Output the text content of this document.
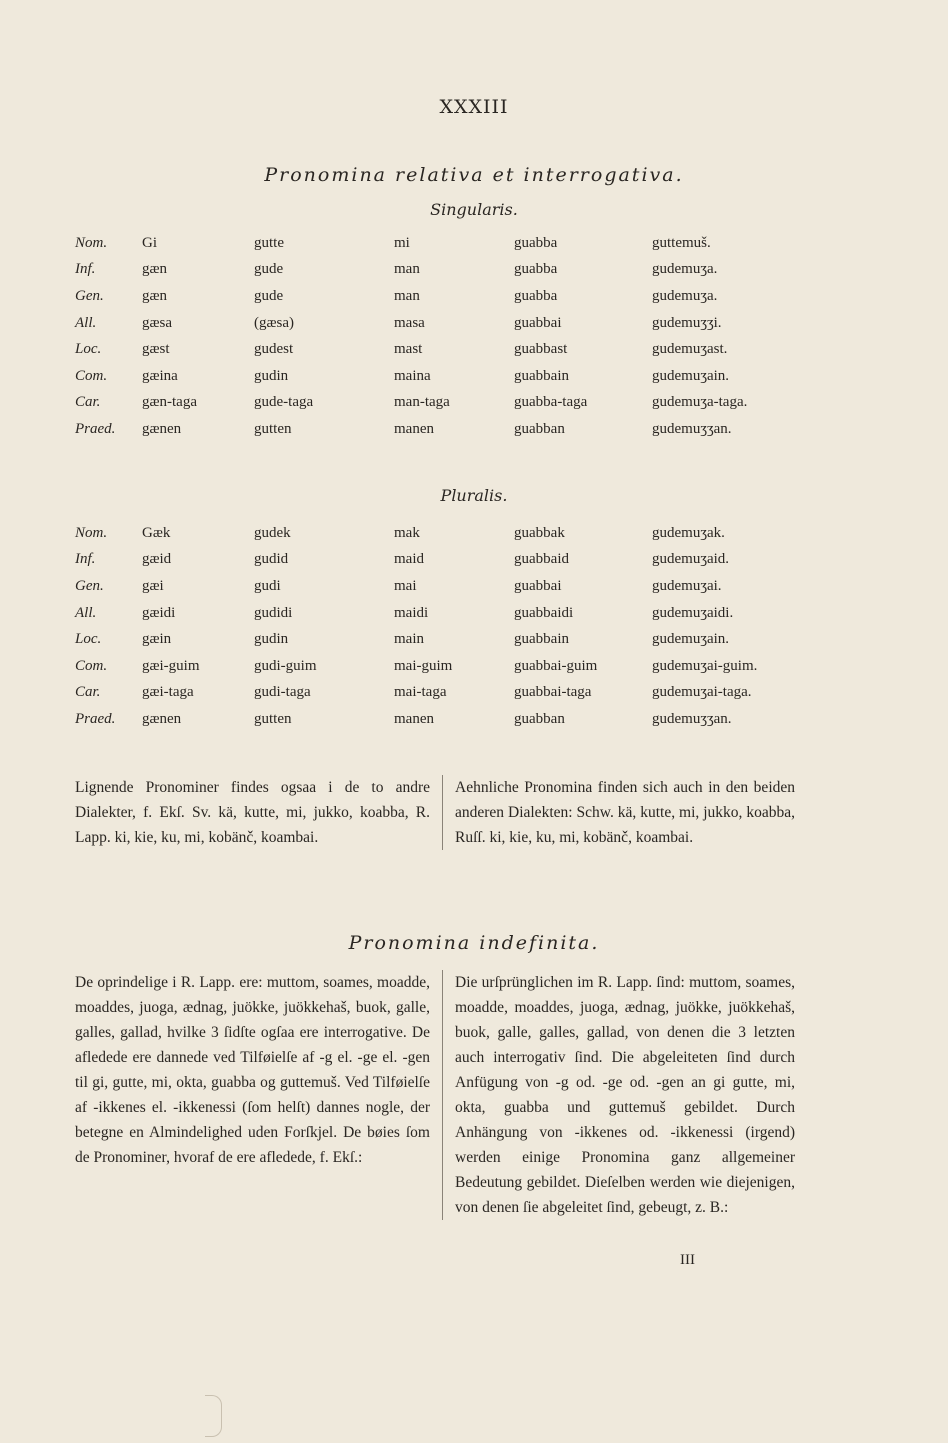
XXXIII
Pronomina relativa et interrogativa.
Singularis.
Nom.	Gi	gutte	mi	guabba	guttemuš.
Inf.	gæn	gude	man	guabba	gudemuʒa.
Gen.	gæn	gude	man	guabba	gudemuʒa.
All.	gæsa	(gæsa)	masa	guabbai	gudemuʒʒi.
Loc.	gæst	gudest	mast	guabbast	gudemuʒast.
Com.	gæina	gudin	maina	guabbain	gudemuʒain.
Car.	gæn-taga	gude-taga	man-taga	guabba-taga	gudemuʒa-taga.
Praed.	gænen	gutten	manen	guabban	gudemuʒʒan.
Pluralis.
Nom.	Gæk	gudek	mak	guabbak	gudemuʒak.
Inf.	gæid	gudid	maid	guabbaid	gudemuʒaid.
Gen.	gæi	gudi	mai	guabbai	gudemuʒai.
All.	gæidi	gudidi	maidi	guabbaidi	gudemuʒaidi.
Loc.	gæin	gudin	main	guabbain	gudemuʒain.
Com.	gæi-guim	gudi-guim	mai-guim	guabbai-guim	gudemuʒai-guim.
Car.	gæi-taga	gudi-taga	mai-taga	guabbai-taga	gudemuʒai-taga.
Praed.	gænen	gutten	manen	guabban	gudemuʒʒan.
Lignende Pronominer findes ogsaa i de to andre Dialekter, f. Ekſ. Sv. kä, kutte, mi, jukko, koabba, R. Lapp. ki, kie, ku, mi, kobänč, koambai.
Aehnliche Pronomina finden sich auch in den beiden anderen Dialekten: Schw. kä, kutte, mi, jukko, koabba, Ruſſ. ki, kie, ku, mi, kobänč, koambai.
Pronomina indefinita.
De oprindelige i R. Lapp. ere: muttom, soames, moadde, moaddes, juoga, ædnag, juökke, juökkehaš, buok, galle, galles, gallad, hvilke 3 ſidſte ogſaa ere interrogative. De afledede ere dannede ved Tilføielſe af -g el. -ge el. -gen til gi, gutte, mi, okta, guabba og guttemuš. Ved Tilføielſe af -ikkenes el. -ikkenessi (ſom helſt) dannes nogle, der betegne en Almindelighed uden Forſkjel. De bøies ſom de Pronominer, hvoraf de ere afledede, f. Ekſ.:
Die urſprünglichen im R. Lapp. ſind: muttom, soames, moadde, moaddes, juoga, ædnag, juökke, juökkehaš, buok, galle, galles, gallad, von denen die 3 letzten auch interrogativ ſind. Die abgeleiteten ſind durch Anfügung von -g od. -ge od. -gen an gi gutte, mi, okta, guabba und guttemuš gebildet. Durch Anhängung von -ikkenes od. -ikkenessi (irgend) werden einige Pronomina ganz allgemeiner Bedeutung gebildet. Dieſelben werden wie diejenigen, von denen ſie abgeleitet ſind, gebeugt, z. B.:
III
